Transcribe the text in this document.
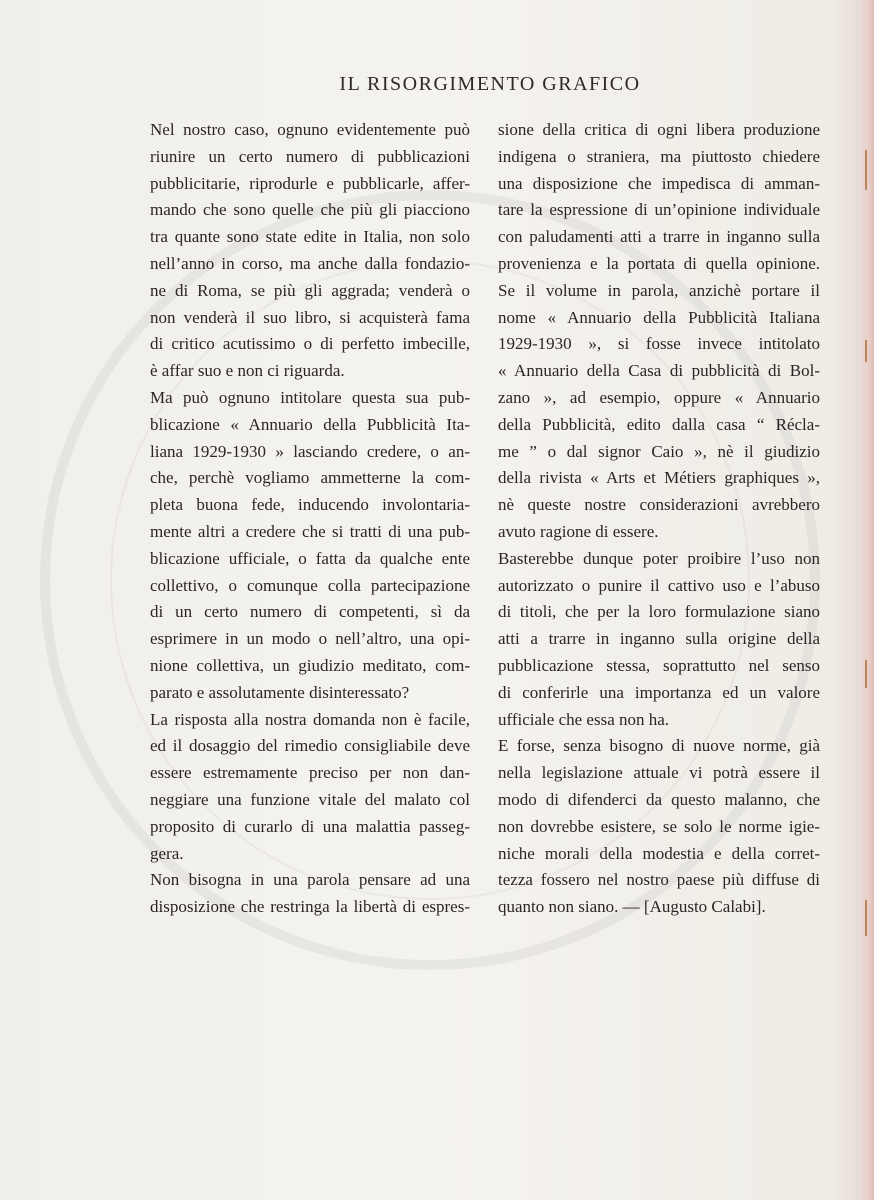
IL RISORGIMENTO GRAFICO
Nel nostro caso, ognuno evidentemente può
riunire un certo numero di pubblicazioni
pubblicitarie, riprodurle e pubblicarle, affer-
mando che sono quelle che più gli piacciono
tra quante sono state edite in Italia, non solo
nell’anno in corso, ma anche dalla fondazio-
ne di Roma, se più gli aggrada; venderà o
non venderà il suo libro, si acquisterà fama
di critico acutissimo o di perfetto imbecille,
è affar suo e non ci riguarda.
Ma può ognuno intitolare questa sua pub-
blicazione « Annuario della Pubblicità Ita-
liana 1929-1930 » lasciando credere, o an-
che, perchè vogliamo ammetterne la com-
pleta buona fede, inducendo involontaria-
mente altri a credere che si tratti di una pub-
blicazione ufficiale, o fatta da qualche ente
collettivo, o comunque colla partecipazione
di un certo numero di competenti, sì da
esprimere in un modo o nell’altro, una opi-
nione collettiva, un giudizio meditato, com-
parato e assolutamente disinteressato?
La risposta alla nostra domanda non è facile,
ed il dosaggio del rimedio consigliabile deve
essere estremamente preciso per non dan-
neggiare una funzione vitale del malato col
proposito di curarlo di una malattia passeg-
gera.
Non bisogna in una parola pensare ad una
disposizione che restringa la libertà di espres-
sione della critica di ogni libera produzione
indigena o straniera, ma piuttosto chiedere
una disposizione che impedisca di amman-
tare la espressione di un’opinione individuale
con paludamenti atti a trarre in inganno sulla
provenienza e la portata di quella opinione.
Se il volume in parola, anzichè portare il
nome « Annuario della Pubblicità Italiana
1929-1930 », si fosse invece intitolato
« Annuario della Casa di pubblicità di Bol-
zano », ad esempio, oppure « Annuario
della Pubblicità, edito dalla casa “ Récla-
me ” o dal signor Caio », nè il giudizio
della rivista « Arts et Métiers graphiques »,
nè queste nostre considerazioni avrebbero
avuto ragione di essere.
Basterebbe dunque poter proibire l’uso non
autorizzato o punire il cattivo uso e l’abuso
di titoli, che per la loro formulazione siano
atti a trarre in inganno sulla origine della
pubblicazione stessa, soprattutto nel senso
di conferirle una importanza ed un valore
ufficiale che essa non ha.
E forse, senza bisogno di nuove norme, già
nella legislazione attuale vi potrà essere il
modo di difenderci da questo malanno, che
non dovrebbe esistere, se solo le norme igie-
niche morali della modestia e della corret-
tezza fossero nel nostro paese più diffuse di
quanto non siano. — [Augusto Calabi].
